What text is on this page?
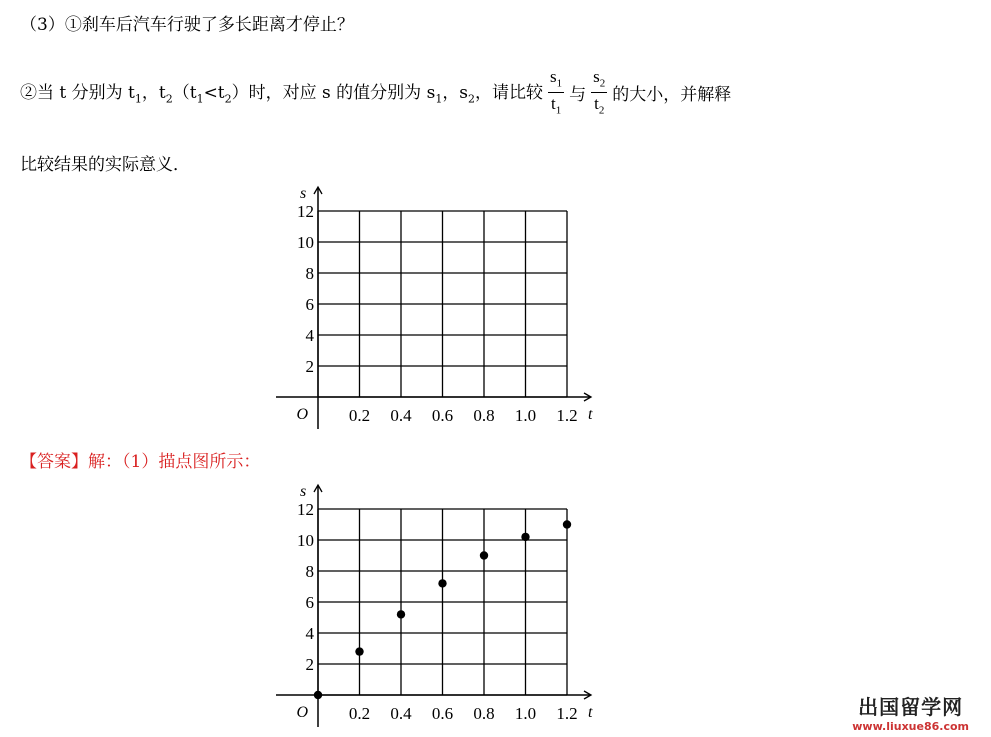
（3）①刹车后汽车行驶了多长距离才停止？
②当 t 分别为 $t_1$，$t_2(t_1<t_2)$时，对应 s 的值分别为 $s_1$，$s_2$，请比较 $\frac{s_1}{t_1}$ 与 $\frac{s_2}{t_2}$ 的大小，并解释
比较结果的实际意义．
0.2 0.4 0.6 0.8 1.0 1.2
2
4
6
8
10
12
O	t
s
【答案】解：（1）描点图所示：
0.2 0.4 0.6 0.8 1.0 1.2
2
4
6
8
10
12
O	t
s
出国留学网
www.liuxue86.com
